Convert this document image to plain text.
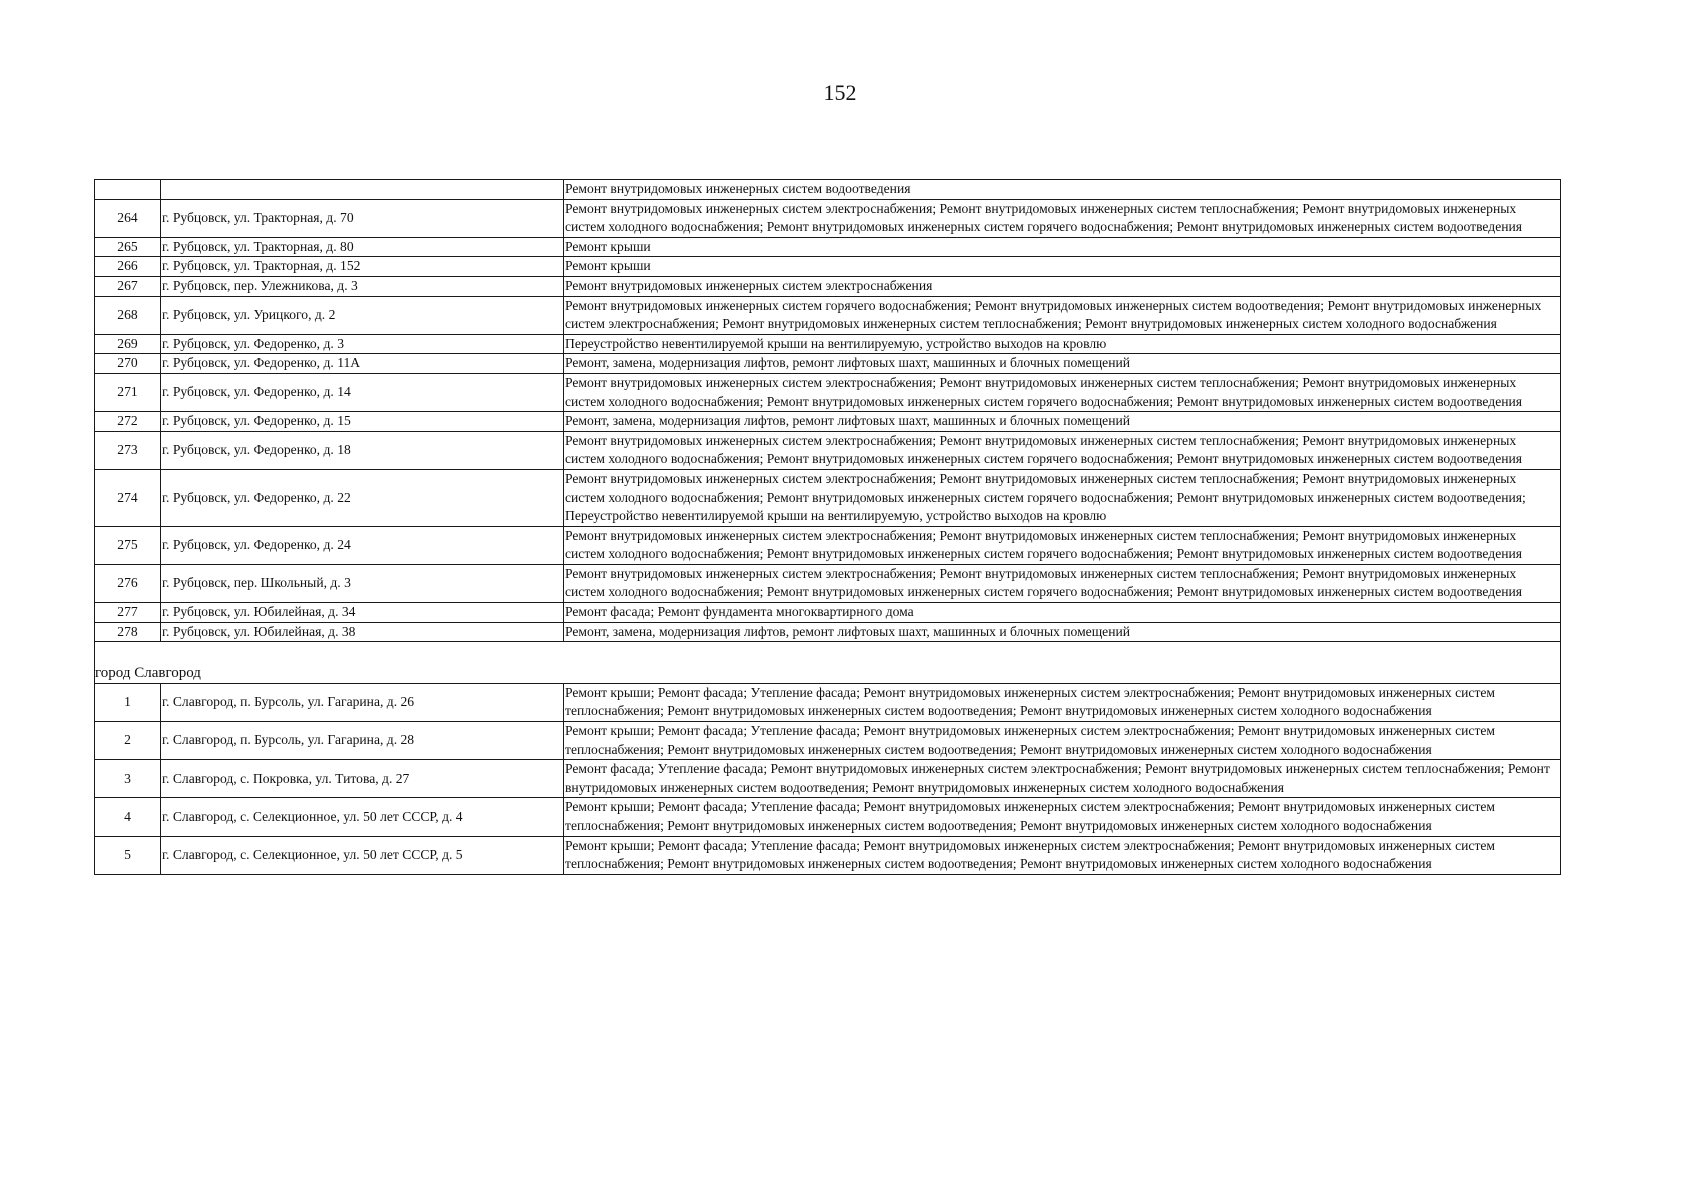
152
		Ремонт внутридомовых инженерных систем водоотведения
264	г. Рубцовск, ул. Тракторная, д. 70	Ремонт внутридомовых инженерных систем электроснабжения; Ремонт внутридомовых инженерных систем теплоснабжения; Ремонт внутридомовых инженерных систем холодного водоснабжения; Ремонт внутридомовых инженерных систем горячего водоснабжения; Ремонт внутридомовых инженерных систем водоотведения
265	г. Рубцовск, ул. Тракторная, д. 80	Ремонт крыши
266	г. Рубцовск, ул. Тракторная, д. 152	Ремонт крыши
267	г. Рубцовск, пер. Улежникова, д. 3	Ремонт внутридомовых инженерных систем электроснабжения
268	г. Рубцовск, ул. Урицкого, д. 2	Ремонт внутридомовых инженерных систем горячего водоснабжения; Ремонт внутридомовых инженерных систем водоотведения; Ремонт внутридомовых инженерных систем электроснабжения; Ремонт внутридомовых инженерных систем теплоснабжения; Ремонт внутридомовых инженерных систем холодного водоснабжения
269	г. Рубцовск, ул. Федоренко, д. 3	Переустройство невентилируемой крыши на вентилируемую, устройство выходов на кровлю
270	г. Рубцовск, ул. Федоренко, д. 11А	Ремонт, замена, модернизация лифтов, ремонт лифтовых шахт, машинных и блочных помещений
271	г. Рубцовск, ул. Федоренко, д. 14	Ремонт внутридомовых инженерных систем электроснабжения; Ремонт внутридомовых инженерных систем теплоснабжения; Ремонт внутридомовых инженерных систем холодного водоснабжения; Ремонт внутридомовых инженерных систем горячего водоснабжения; Ремонт внутридомовых инженерных систем водоотведения
272	г. Рубцовск, ул. Федоренко, д. 15	Ремонт, замена, модернизация лифтов, ремонт лифтовых шахт, машинных и блочных помещений
273	г. Рубцовск, ул. Федоренко, д. 18	Ремонт внутридомовых инженерных систем электроснабжения; Ремонт внутридомовых инженерных систем теплоснабжения; Ремонт внутридомовых инженерных систем холодного водоснабжения; Ремонт внутридомовых инженерных систем горячего водоснабжения; Ремонт внутридомовых инженерных систем водоотведения
274	г. Рубцовск, ул. Федоренко, д. 22	Ремонт внутридомовых инженерных систем электроснабжения; Ремонт внутридомовых инженерных систем теплоснабжения; Ремонт внутридомовых инженерных систем холодного водоснабжения; Ремонт внутридомовых инженерных систем горячего водоснабжения; Ремонт внутридомовых инженерных систем водоотведения; Переустройство невентилируемой крыши на вентилируемую, устройство выходов на кровлю
275	г. Рубцовск, ул. Федоренко, д. 24	Ремонт внутридомовых инженерных систем электроснабжения; Ремонт внутридомовых инженерных систем теплоснабжения; Ремонт внутридомовых инженерных систем холодного водоснабжения; Ремонт внутридомовых инженерных систем горячего водоснабжения; Ремонт внутридомовых инженерных систем водоотведения
276	г. Рубцовск, пер. Школьный, д. 3	Ремонт внутридомовых инженерных систем электроснабжения; Ремонт внутридомовых инженерных систем теплоснабжения; Ремонт внутридомовых инженерных систем холодного водоснабжения; Ремонт внутридомовых инженерных систем горячего водоснабжения; Ремонт внутридомовых инженерных систем водоотведения
277	г. Рубцовск, ул. Юбилейная, д. 34	Ремонт фасада; Ремонт фундамента многоквартирного дома
278	г. Рубцовск, ул. Юбилейная, д. 38	Ремонт, замена, модернизация лифтов, ремонт лифтовых шахт, машинных и блочных помещений
город Славгород		
1	г. Славгород, п. Бурсоль, ул. Гагарина, д. 26	Ремонт крыши; Ремонт фасада; Утепление фасада; Ремонт внутридомовых инженерных систем электроснабжения; Ремонт внутридомовых инженерных систем теплоснабжения; Ремонт внутридомовых инженерных систем водоотведения; Ремонт внутридомовых инженерных систем холодного водоснабжения
2	г. Славгород, п. Бурсоль, ул. Гагарина, д. 28	Ремонт крыши; Ремонт фасада; Утепление фасада; Ремонт внутридомовых инженерных систем электроснабжения; Ремонт внутридомовых инженерных систем теплоснабжения; Ремонт внутридомовых инженерных систем водоотведения; Ремонт внутридомовых инженерных систем холодного водоснабжения
3	г. Славгород, с. Покровка, ул. Титова, д. 27	Ремонт фасада; Утепление фасада; Ремонт внутридомовых инженерных систем электроснабжения; Ремонт внутридомовых инженерных систем теплоснабжения; Ремонт внутридомовых инженерных систем водоотведения; Ремонт внутридомовых инженерных систем холодного водоснабжения
4	г. Славгород, с. Селекционное, ул. 50 лет СССР, д. 4	Ремонт крыши; Ремонт фасада; Утепление фасада; Ремонт внутридомовых инженерных систем электроснабжения; Ремонт внутридомовых инженерных систем теплоснабжения; Ремонт внутридомовых инженерных систем водоотведения; Ремонт внутридомовых инженерных систем холодного водоснабжения
5	г. Славгород, с. Селекционное, ул. 50 лет СССР, д. 5	Ремонт крыши; Ремонт фасада; Утепление фасада; Ремонт внутридомовых инженерных систем электроснабжения; Ремонт внутридомовых инженерных систем теплоснабжения; Ремонт внутридомовых инженерных систем водоотведения; Ремонт внутридомовых инженерных систем холодного водоснабжения
